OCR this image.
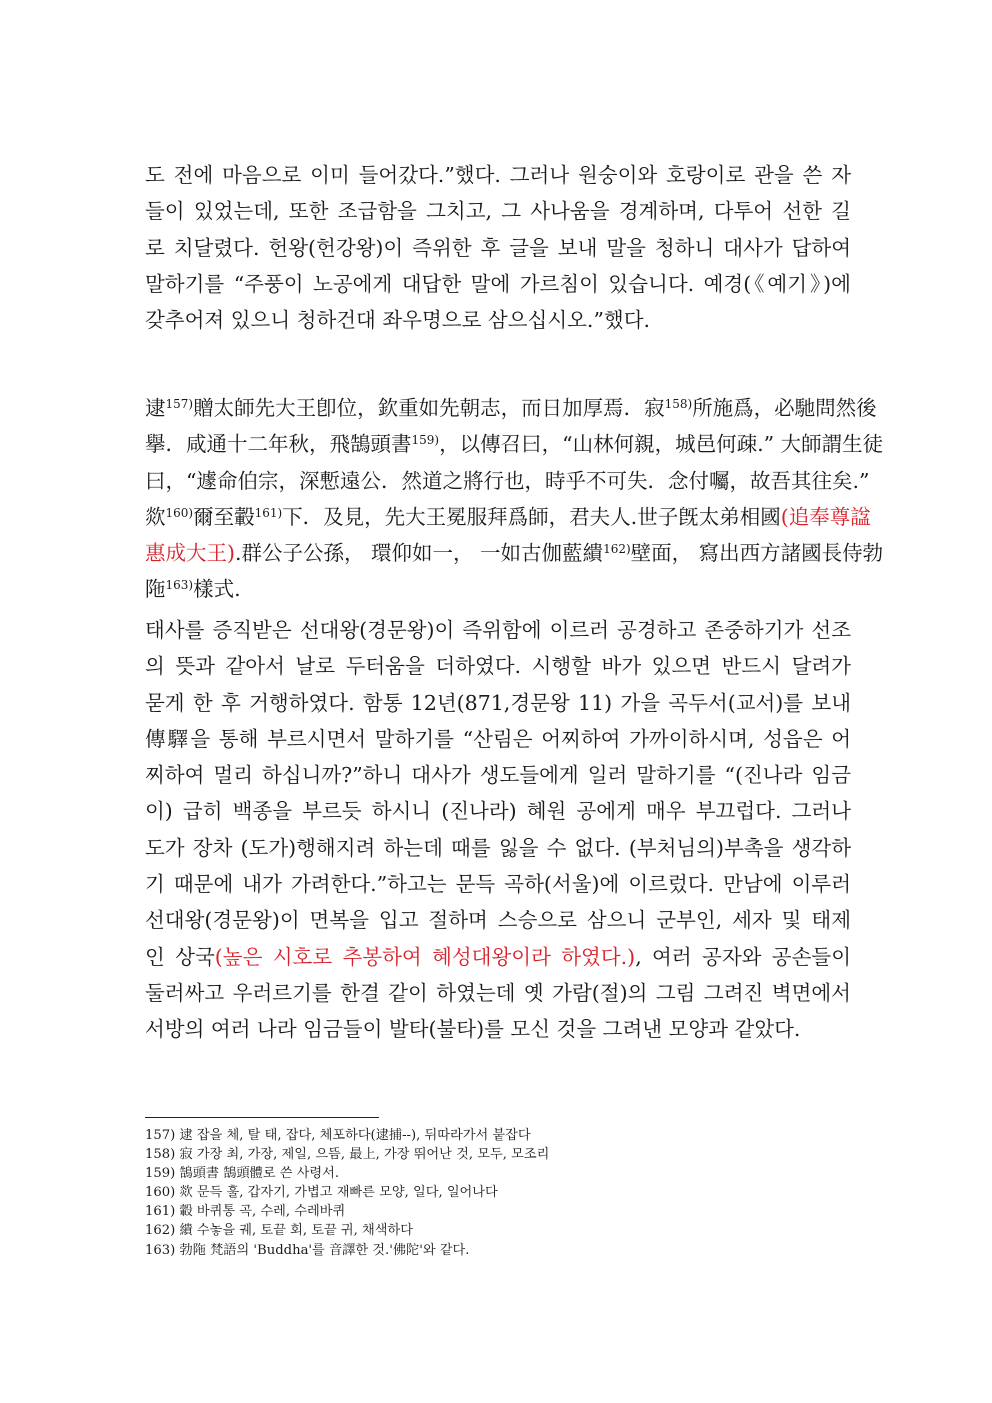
도 전에 마음으로 이미 들어갔다.”했다. 그러나 원숭이와 호랑이로 관을 쓴 자
들이 있었는데, 또한 조급함을 그치고, 그 사나움을 경계하며, 다투어 선한 길
로 치달렸다. 헌왕(헌강왕)이 즉위한 후 글을 보내 말을 청하니 대사가 답하여
말하기를 “주풍이 노공에게 대답한 말에 가르침이 있습니다. 예경(《예기》)에
갖추어져 있으니 청하건대 좌우명으로 삼으십시오.”했다.
逮$^{157)}$贈太師先大王卽位，欽重如先朝志，而日加厚焉．寂$^{158)}$所施爲，必馳問然後
擧．咸通十二年秋，飛鵠頭書$^{159)}$，以傳召曰，“山林何親，城邑何疎.” 大師謂生徒
曰，“遽命伯宗，深慙遠公．然道之將行也，時乎不可失．念付囑，故吾其往矣.”
欻$^{160)}$爾至轂$^{161)}$下．及見，先大王冕服拜爲師，君夫人.世子旣太弟相國(追奉尊諡
惠成大王).群公子公孫， 環仰如一， 一如古伽藍繢$^{162)}$壁面， 寫出西方諸國長侍勃
陁$^{163)}$樣式.
태사를 증직받은 선대왕(경문왕)이 즉위함에 이르러 공경하고 존중하기가 선조
의 뜻과 같아서 날로 두터움을 더하였다. 시행할 바가 있으면 반드시 달려가
묻게 한 후 거행하였다. 함통 12년(871,경문왕 11) 가을 곡두서(교서)를 보내
傳驛을 통해 부르시면서 말하기를 “산림은 어찌하여 가까이하시며, 성읍은 어
찌하여 멀리 하십니까?”하니 대사가 생도들에게 일러 말하기를 “(진나라 임금
이) 급히 백종을 부르듯 하시니 (진나라) 혜원 공에게 매우 부끄럽다. 그러나
도가 장차 (도가)행해지려 하는데 때를 잃을 수 없다. (부처님의)부촉을 생각하
기 때문에 내가 가려한다.”하고는 문득 곡하(서울)에 이르렀다. 만남에 이루러
선대왕(경문왕)이 면복을 입고 절하며 스승으로 삼으니 군부인, 세자 및 태제
인 상국(높은 시호로 추봉하여 혜성대왕이라 하였다.), 여러 공자와 공손들이
둘러싸고 우러르기를 한결 같이 하였는데 옛 가람(절)의 그림 그려진 벽면에서
서방의 여러 나라 임금들이 발타(불타)를 모신 것을 그려낸 모양과 같았다.
157) 逮 잡을 체, 탈 태, 잡다, 체포하다(逮捕--), 뒤따라가서 붙잡다
158) 寂 가장 최, 가장, 제일, 으뜸, 最上, 가장 뛰어난 것, 모두, 모조리
159) 鵠頭書 鵠頭體로 쓴 사령서.
160) 欻 문득 훌, 갑자기, 가볍고 재빠른 모양, 일다, 일어나다
161) 轂 바퀴통 곡, 수레, 수레바퀴
162) 繢 수놓을 궤, 토끝 회, 토끝 귀, 채색하다
163) 勃陁 梵語의 'Buddha'를 音譯한 것.'佛陀'와 같다.
